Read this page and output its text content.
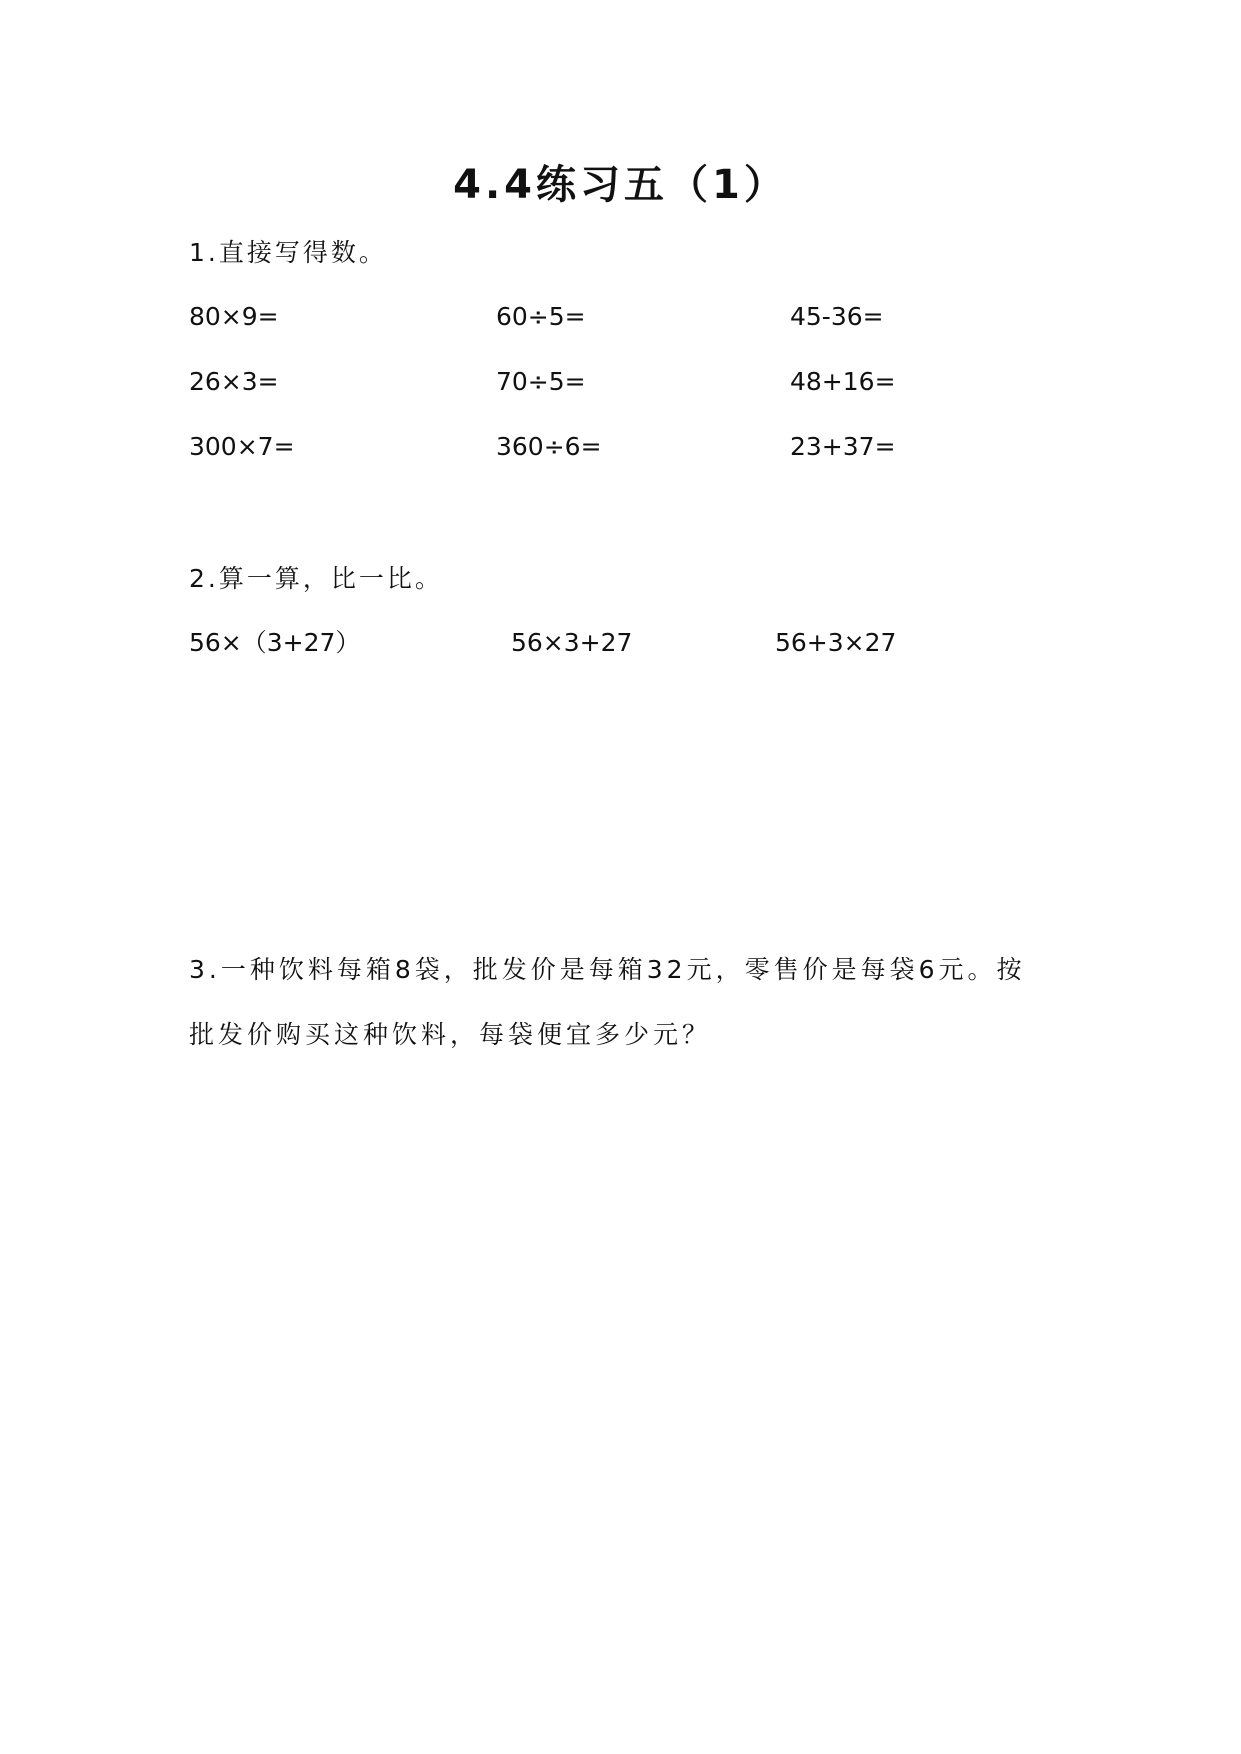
4.4练习五（1）
1.直接写得数。
80×9=	60÷5=	45-36=
26×3=	70÷5=	48+16=
300×7=	360÷6=	23+37=
2.算一算，比一比。
56×（3+27）	56×3+27	56+3×27
3.一种饮料每箱8袋，批发价是每箱32元，零售价是每袋6元。按
批发价购买这种饮料，每袋便宜多少元？
